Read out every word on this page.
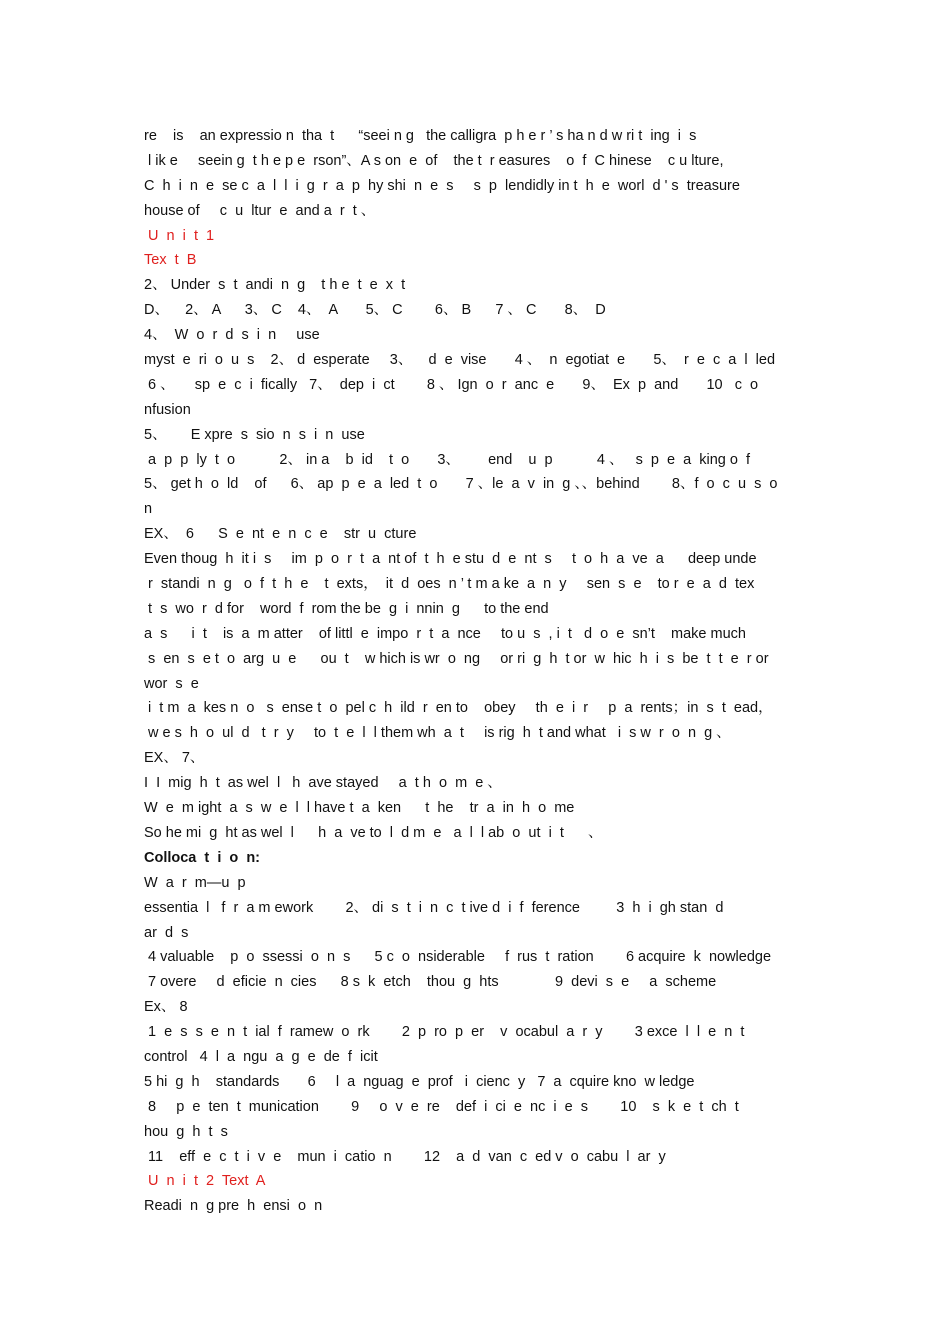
re    is    an expressio n  tha  t      “seei n g   the calligra  p h e r ’ s ha n d w ri t  ing  i  s
l ik e     seein g  t h e p e  rson”、A s on  e  of    the t  r easures    o  f  C hinese    c u lture,
C  h  i  n  e  se c  a  l  l  i  g  r  a  p  hy shi  n  e  s     s  p  lendidly in t  h  e  worl  d ' s  treasure
house of     c  u  ltur  e  and a  r  t 、
U  n  i  t  1
Tex  t  B
2、 Under  s  t  andi  n  g    t h e  t  e  x  t
D、    2、 A      3、 C    4、  A       5、 C        6、 B      7 、 C       8、  D
4、  W  o  r  d  s  i  n     use
myst  e  ri  o  u  s    2、 d  esperate     3、    d  e  vise       4 、  n  egotiat  e       5、  r  e  c  a  l  led
6 、     sp  e  c  i  fically   7、  dep  i  ct        8 、 Ign  o  r  anc  e       9、  Ex  p  and       10   c  o
nfusion
5、      E xpre  s  sio  n  s  i  n  use
a  p  p  ly  t  o           2、 in a    b  id    t  o       3、       end    u  p           4 、   s  p  e  a  king o  f
5、 get h  o  ld    of      6、 ap  p  e  a  led  t  o       7 、le  a  v  in  g 、、behind        8、f  o  c  u  s  o
n
EX、  6      S  e  nt  e  n  c  e    str  u  cture
Even thoug  h  it i  s     im  p  o  r  t  a  nt of  t  h  e stu  d  e  nt  s     t  o  h  a  ve  a      deep unde
r  standi  n  g   o  f  t  h  e    t  exts，  it  d  oes  n ’ t m a ke  a  n  y     sen  s  e    to r  e  a  d  tex
t  s  wo  r  d for    word  f  rom the be  g  i  nnin  g      to the end
a  s      i  t    is  a  m atter    of littl  e  impo  r  t  a  nce     to u  s  , i  t   d  o  e  sn’t    make much
s  en  s  e t  o  arg  u  e      ou  t    w hich is wr  o  ng     or ri  g  h  t or  w  hic  h  i  s  be  t  t  e  r or
wor  s  e
i  t m  a  kes n  o   s  ense t  o  pel c  h  ild  r  en to    obey     th  e  i  r     p  a  rents；in  s  t  ead，
w e s  h  o  ul  d   t  r  y     to  t  e  l  l them wh  a  t     is rig  h  t and what   i  s w  r  o  n  g 、
EX、 7、
I  I  mig  h  t  as wel  l   h  ave stayed     a  t h  o  m  e 、
W  e  m ight  a  s  w  e  l  l have t  a  ken      t  he    tr  a  in  h  o  me
So he mi  g  ht as wel  l      h  a  ve to  l  d m  e   a  l  l ab  o  ut  i  t      、
Colloca  t  i  o  n:
W  a  r  m—u  p
essentia  l   f  r  a m ework        2、 di  s  t  i  n  c  t ive d  i  f  ference         3  h  i  gh stan  d
ar  d  s
4 valuable    p  o  ssessi  o  n  s      5 c  o  nsiderable     f  rus  t  ration        6 acquire  k  nowledge
7 overe     d  eficie  n  cies      8 s  k  etch    thou  g  hts              9  devi  s  e     a  scheme
Ex、 8
1  e  s  s  e  n  t  ial  f  ramew  o  rk        2  p  ro  p  er    v  ocabul  a  r  y        3 exce  l  l  e  n  t
control   4  l  a  ngu  a  g  e  de  f  icit
5 hi  g  h    standards       6     l  a  nguag  e  prof   i  cienc  y   7  a  cquire kno  w ledge
8     p  e  ten  t  munication        9     o  v  e  re    def  i  ci  e  nc  i  e  s        10    s  k  e  t  ch  t
hou  g  h  t  s
11    eff  e  c  t  i  v  e    mun  i  catio  n        12    a  d  van  c  ed v  o  cabu  l  ar  y
U  n  i  t  2  Text  A
Readi  n  g pre  h  ensi  o  n
